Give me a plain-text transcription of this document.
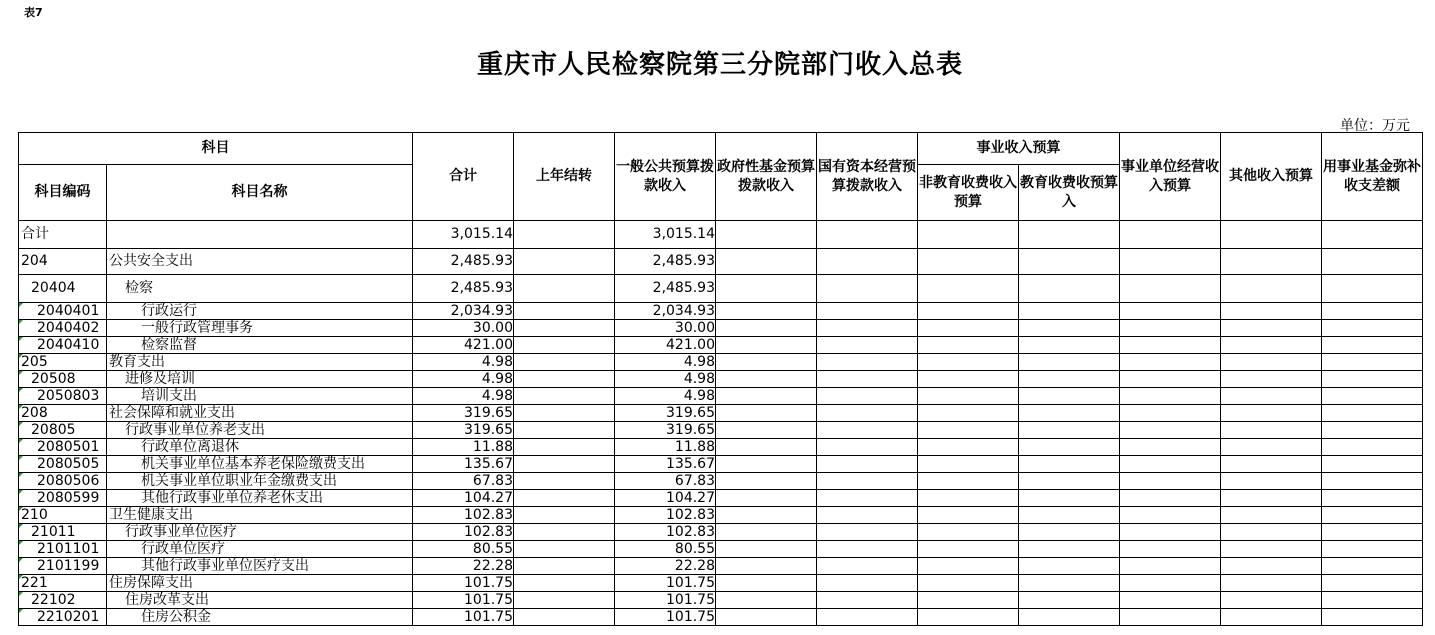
表7
重庆市人民检察院第三分院部门收入总表
单位：万元
科目		合计	上年结转	一般公共预算拨款收入	政府性基金预算拨款收入	国有资本经营预算拨款收入	事业收入预算		事业单位经营收入预算	其他收入预算	用事业基金弥补收支差额
科目编码	科目名称						非教育收费收入预算	教育收费收预算入			
合计		3,015.14		3,015.14							
204	公共安全支出	2,485.93		2,485.93							
20404	检察	2,485.93		2,485.93							

2040401	行政运行	2,034.93		2,034.93							

2040402	一般行政管理事务	30.00		30.00							

2040410	检察监督	421.00		421.00							

205	教育支出	4.98		4.98							

20508	进修及培训	4.98		4.98							

2050803	培训支出	4.98		4.98							

208	社会保障和就业支出	319.65		319.65							

20805	行政事业单位养老支出	319.65		319.65							

2080501	行政单位离退休	11.88		11.88							

2080505	机关事业单位基本养老保险缴费支出	135.67		135.67							

2080506	机关事业单位职业年金缴费支出	67.83		67.83							

2080599	其他行政事业单位养老休支出	104.27		104.27							

210	卫生健康支出	102.83		102.83							

21011	行政事业单位医疗	102.83		102.83							

2101101	行政单位医疗	80.55		80.55							

2101199	其他行政事业单位医疗支出	22.28		22.28							

221	住房保障支出	101.75		101.75							

22102	住房改革支出	101.75		101.75							

2210201	住房公积金	101.75		101.75							
